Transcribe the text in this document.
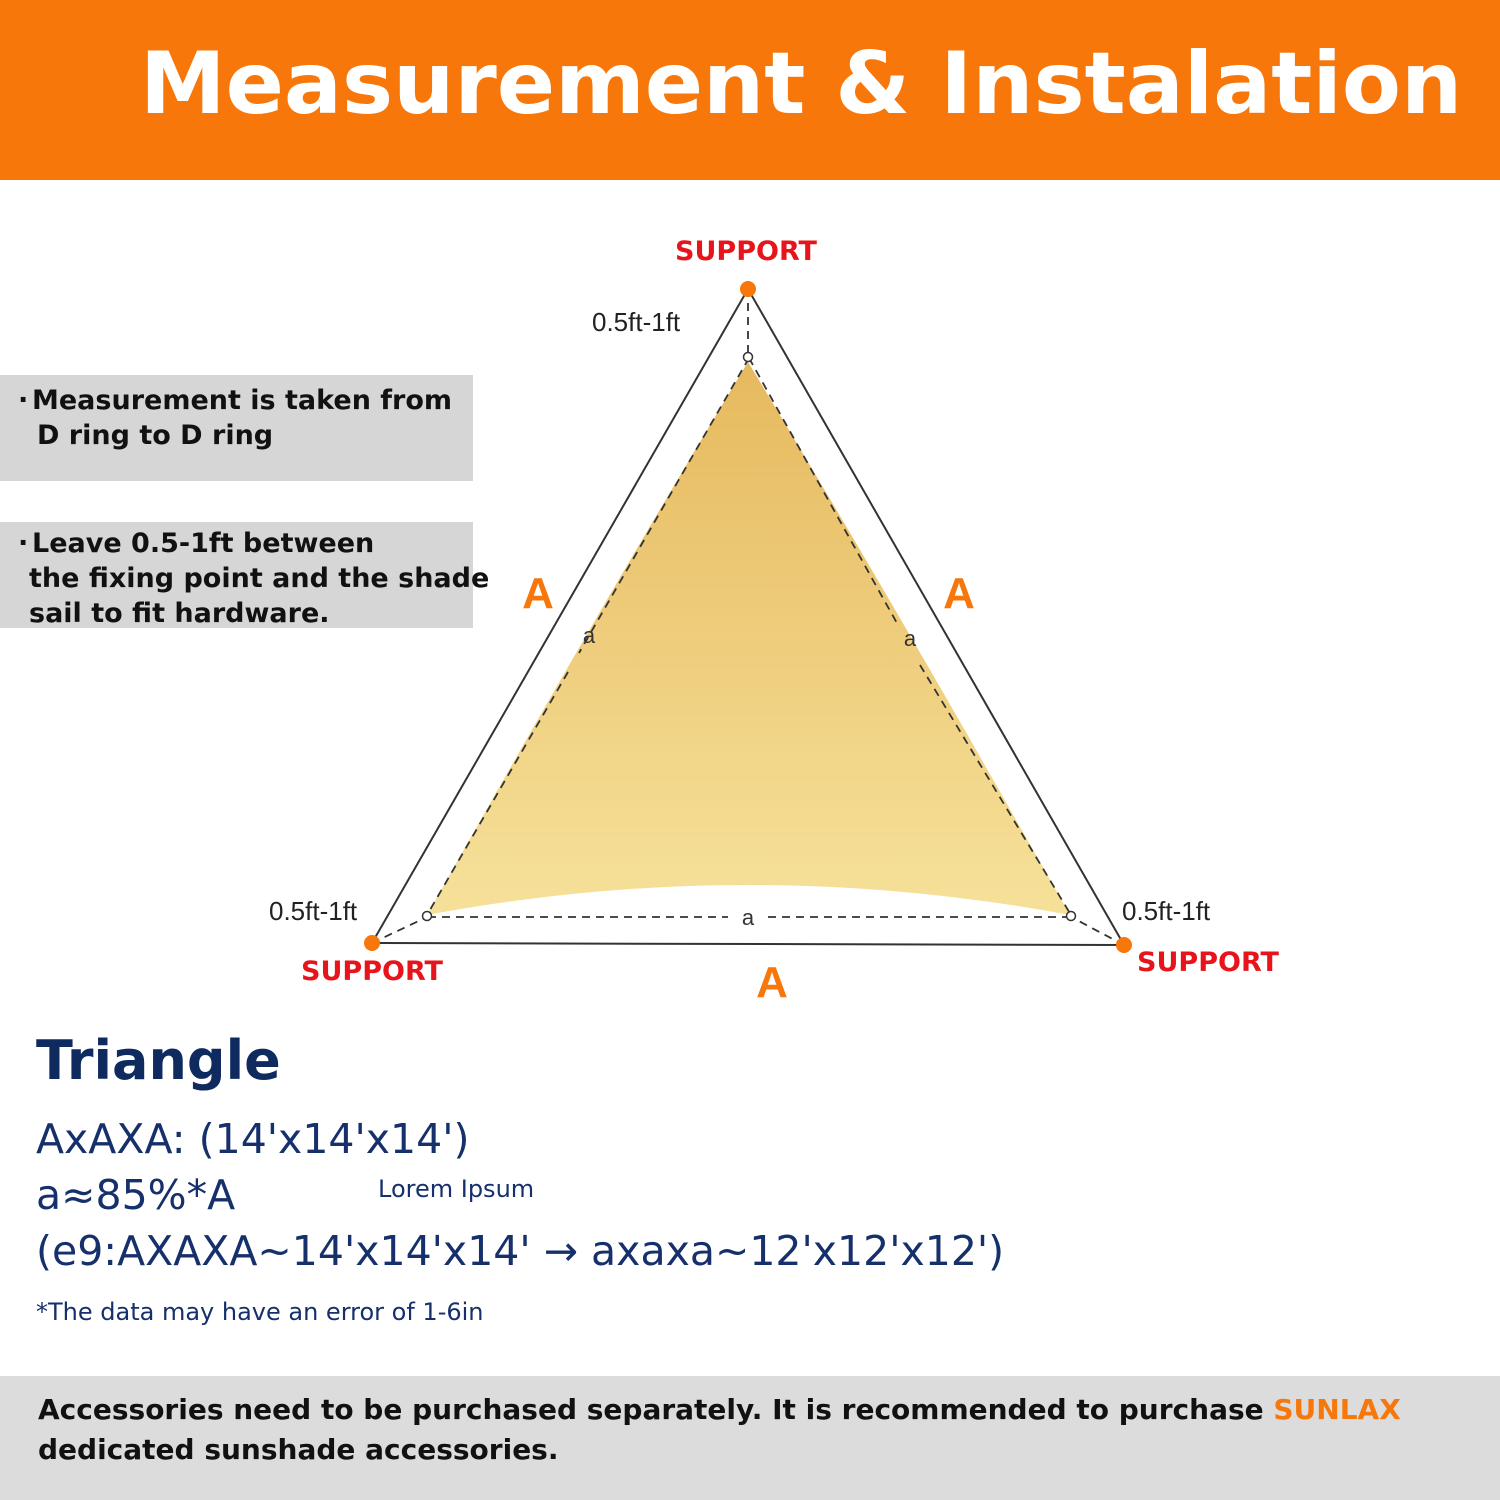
Measurement & Instalation
· Measurement is taken from
D ring to D ring
· Leave 0.5-1ft between
the fixing point and the shade
sail to fit hardware.
SUPPORT
SUPPORT	SUPPORT
0.5ft-1ft
0.5ft-1ft	0.5ft-1ft
A	A
A
a	a
a
Triangle
AxAXA: (14'x14'x14')
a≈85%*A	Lorem Ipsum
(e9:AXAXA~14'x14'x14' → axaxa~12'x12'x12')
*The data may have an error of 1-6in
Accessories need to be purchased separately. It is recommended to purchase SUNLAX dedicated sunshade accessories.
